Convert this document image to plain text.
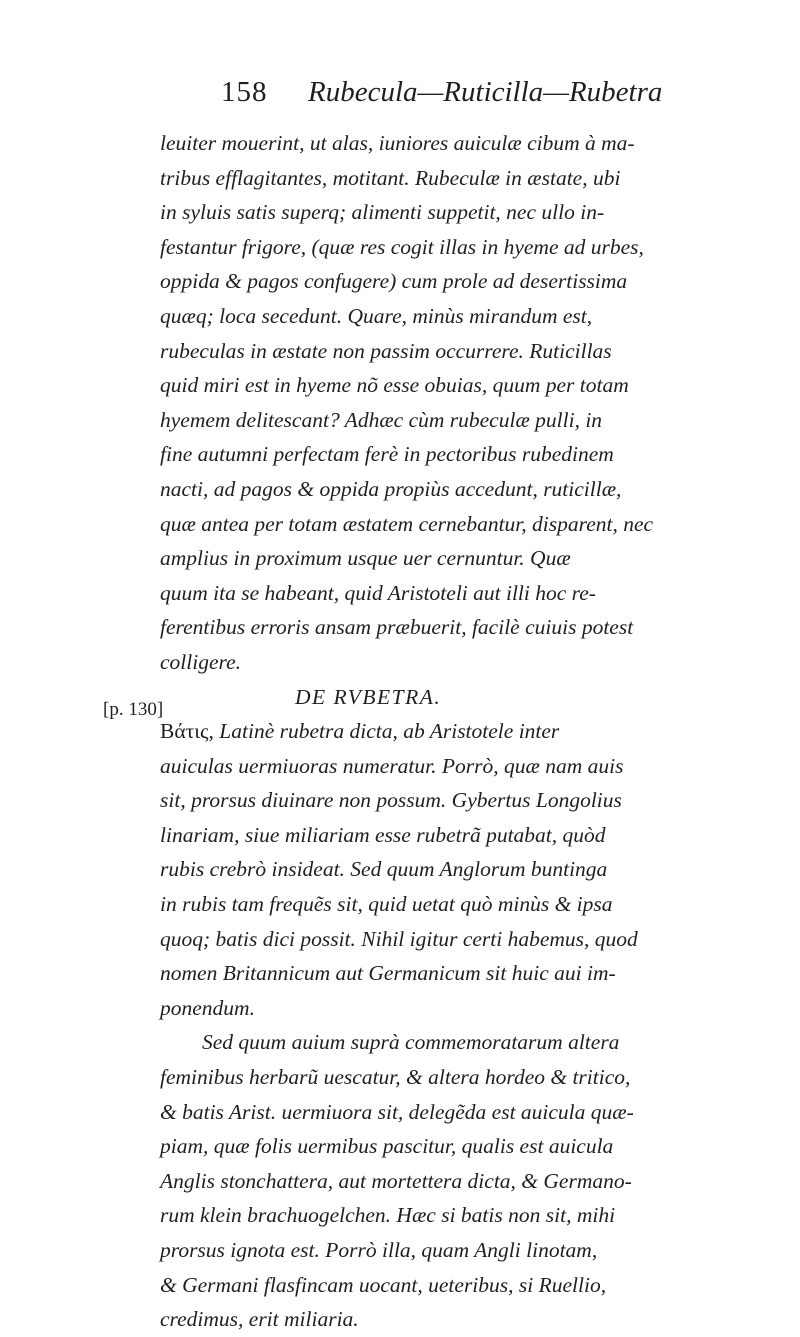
158 Rubecula—Ruticilla—Rubetra
[p. 130]
leuiter mouerint, ut alas, iuniores auiculæ cibum à ma-
tribus efflagitantes, motitant. Rubeculæ in æstate, ubi
in syluis satis superq; alimenti suppetit, nec ullo in-
festantur frigore, (quæ res cogit illas in hyeme ad urbes,
oppida & pagos confugere) cum prole ad desertissima
quæq; loca secedunt. Quare, minùs mirandum est,
rubeculas in æstate non passim occurrere. Ruticillas
quid miri est in hyeme nõ esse obuias, quum per totam
hyemem delitescant? Adhæc cùm rubeculæ pulli, in
fine autumni perfectam ferè in pectoribus rubedinem
nacti, ad pagos & oppida propiùs accedunt, ruticillæ,
quæ antea per totam æstatem cernebantur, disparent, nec
amplius in proximum usque uer cernuntur. Quæ
quum ita se habeant, quid Aristoteli aut illi hoc re-
ferentibus erroris ansam præbuerit, facilè cuiuis potest
colligere.
DE RVBETRA.
Βάτις, Latinè rubetra dicta, ab Aristotele inter
auiculas uermiuoras numeratur. Porrò, quæ nam auis
sit, prorsus diuinare non possum. Gybertus Longolius
linariam, siue miliariam esse rubetrã putabat, quòd
rubis crebrò insideat. Sed quum Anglorum buntinga
in rubis tam frequẽs sit, quid uetat quò minùs & ipsa
quoq; batis dici possit. Nihil igitur certi habemus, quod
nomen Britannicum aut Germanicum sit huic aui im-
ponendum.
Sed quum auium suprà commemoratarum altera
feminibus herbarũ uescatur, & altera hordeo & tritico,
& batis Arist. uermiuora sit, delegẽda est auicula quæ-
piam, quæ folis uermibus pascitur, qualis est auicula
Anglis stonchattera, aut mortettera dicta, & Germano-
rum klein brachuogelchen. Hæc si batis non sit, mihi
prorsus ignota est. Porrò illa, quam Angli linotam,
& Germani flasfincam uocant, ueteribus, si Ruellio,
credimus, erit miliaria.
